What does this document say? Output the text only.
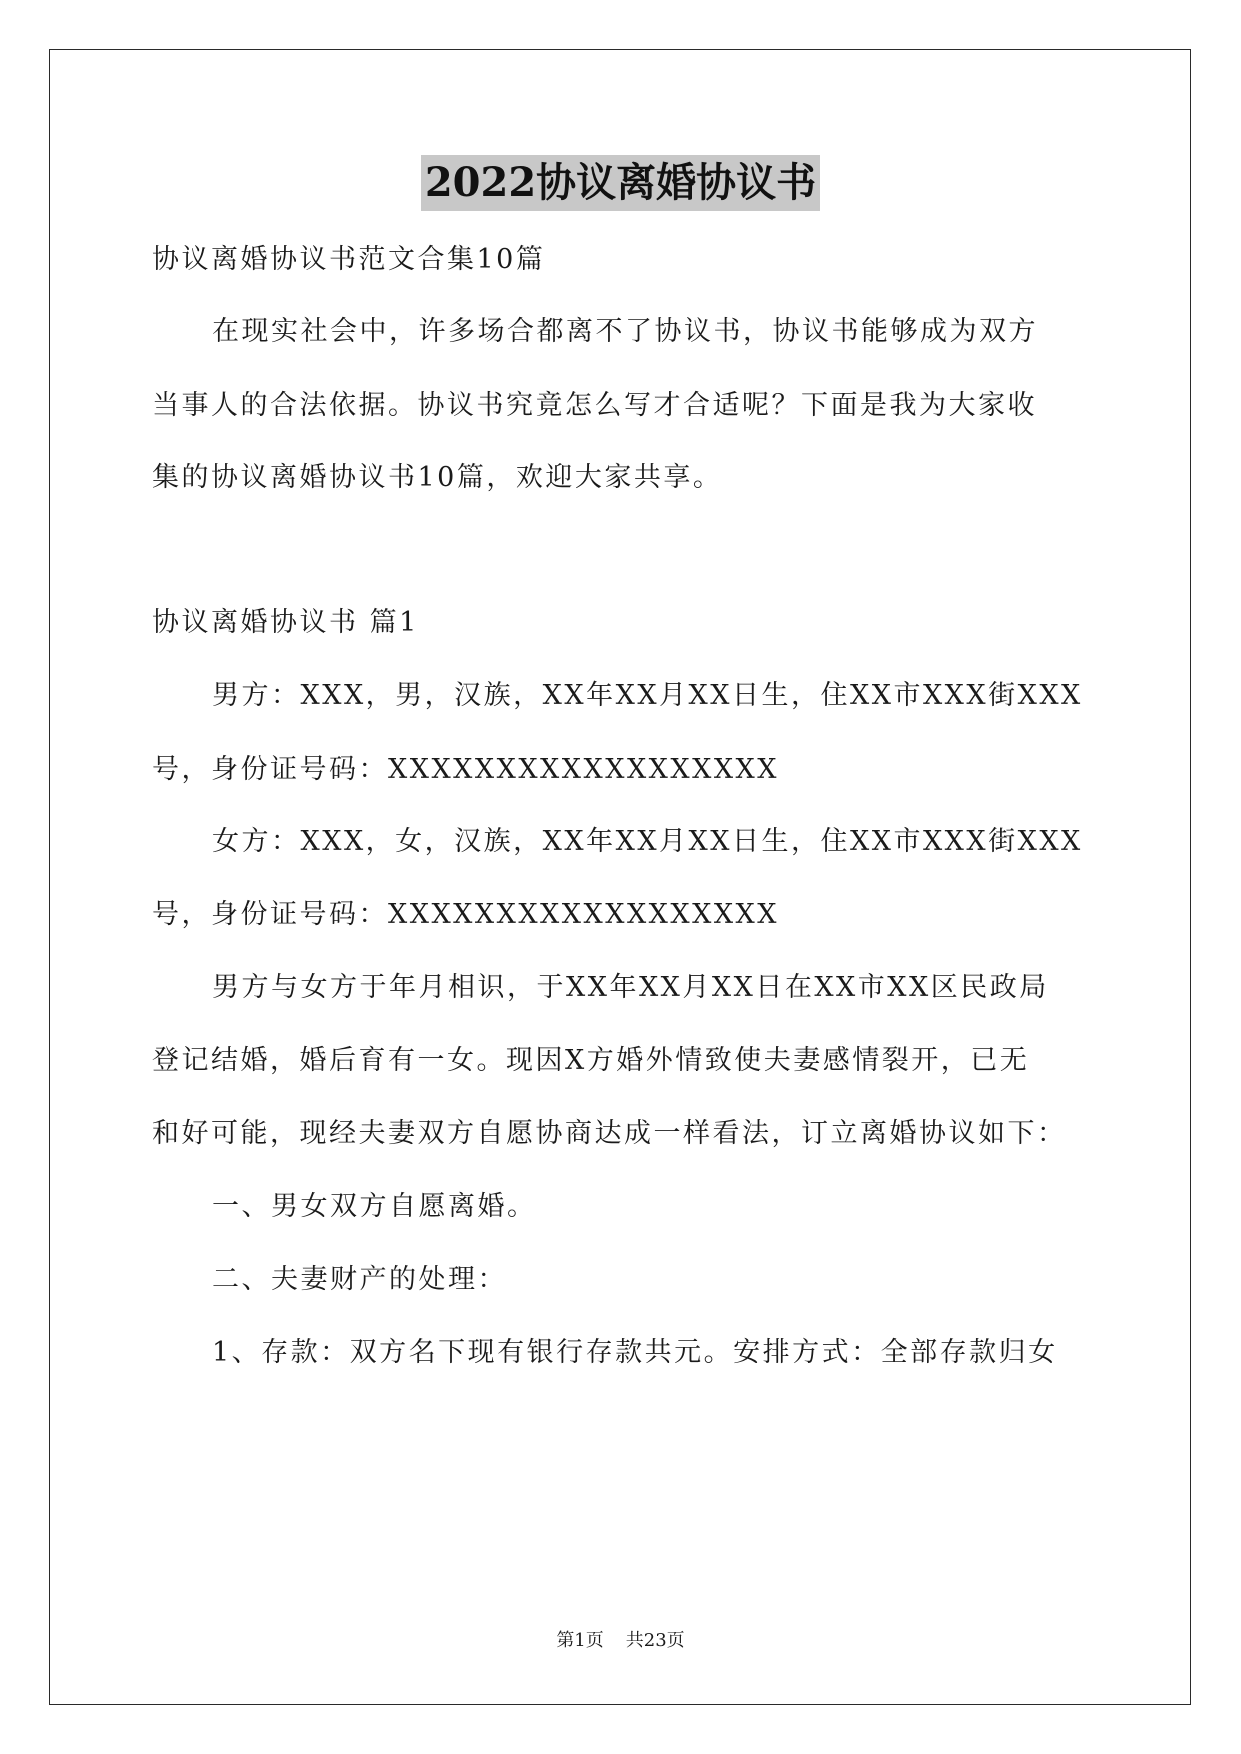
2022协议离婚协议书
协议离婚协议书范文合集10篇
在现实社会中，许多场合都离不了协议书，协议书能够成为双方
当事人的合法依据。协议书究竟怎么写才合适呢？下面是我为大家收
集的协议离婚协议书10篇，欢迎大家共享。
协议离婚协议书 篇1
男方：XXX，男，汉族，XX年XX月XX日生，住XX市XXX街XXX
号，身份证号码：XXXXXXXXXXXXXXXXXX
女方：XXX，女，汉族，XX年XX月XX日生，住XX市XXX街XXX
号，身份证号码：XXXXXXXXXXXXXXXXXX
男方与女方于年月相识，于XX年XX月XX日在XX市XX区民政局
登记结婚，婚后育有一女。现因X方婚外情致使夫妻感情裂开，已无
和好可能，现经夫妻双方自愿协商达成一样看法，订立离婚协议如下：
一、男女双方自愿离婚。
二、夫妻财产的处理：
1、存款：双方名下现有银行存款共元。安排方式：全部存款归女
第1页 共23页
